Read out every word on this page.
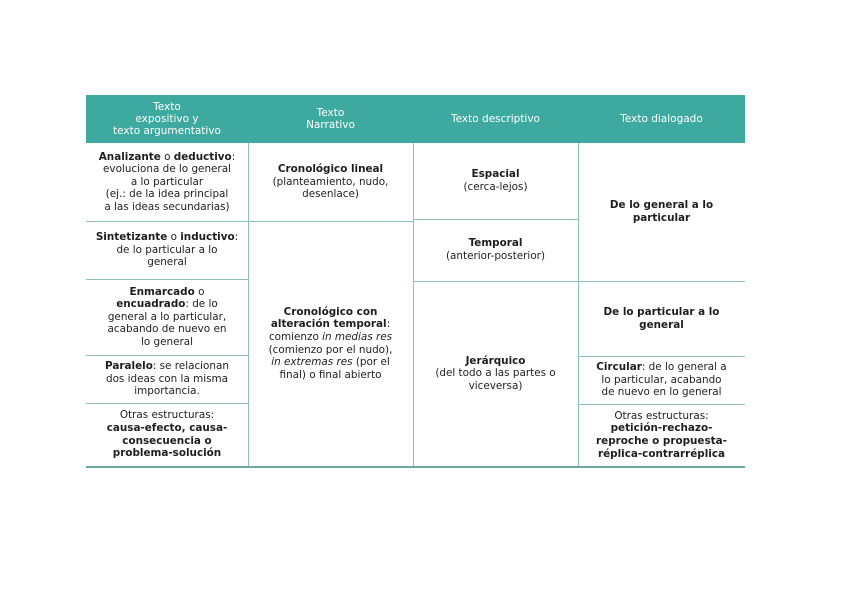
Texto
expositivo y
texto argumentativo
Texto
Narrativo	Texto descriptivo	Texto dialogado
Analizante o deductivo:
evoluciona de lo general
a lo particular
(ej.: de la idea principal
a las ideas secundarias)
Sintetizante o inductivo:
de lo particular a lo
general
Enmarcado o
encuadrado: de lo
general a lo particular,
acabando de nuevo en
lo general
Paralelo: se relacionan
dos ideas con la misma
importancia.
Otras estructuras:
causa-efecto, causa-
consecuencia o
problema-solución
Cronológico lineal
(planteamiento, nudo,
desenlace)
Cronológico con
alteración temporal:
comienzo in medias res
(comienzo por el nudo),
in extremas res (por el
final) o final abierto
Espacial
(cerca-lejos)
Temporal
(anterior-posterior)
Jerárquico
(del todo a las partes o
viceversa)
De lo general a lo
particular
De lo particular a lo
general
Circular: de lo general a
lo particular, acabando
de nuevo en lo general
Otras estructuras:
petición-rechazo-
reproche o propuesta-
réplica-contrarréplica
